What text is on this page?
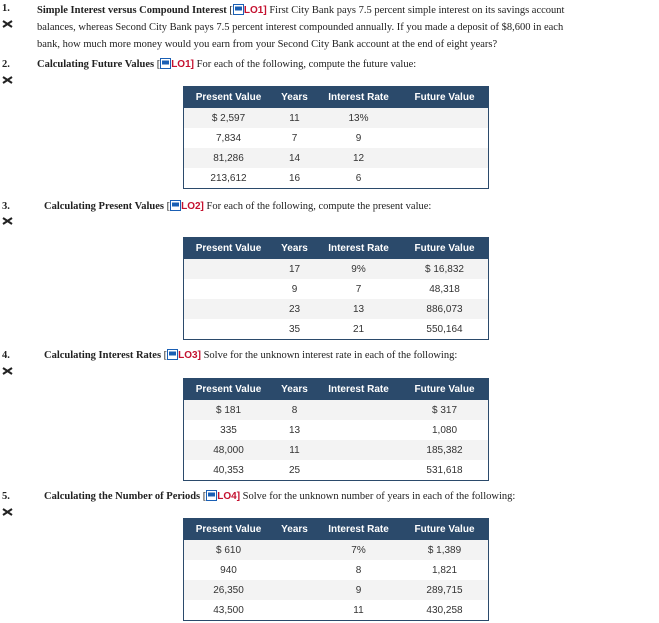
1.	Simple Interest versus Compound Interest [ LO1] First City Bank pays 7.5 percent simple interest on its savings account
balances, whereas Second City Bank pays 7.5 percent interest compounded annually. If you made a deposit of $8,600 in each
bank, how much more money would you earn from your Second City Bank account at the end of eight years?
2.	Calculating Future Values [ LO1] For each of the following, compute the future value:
Present Value	Years	Interest Rate	Future Value
$ 2,597	11	13%	
7,834	7	9	
81,286	14	12	
213,612	16	6	
3.	Calculating Present Values [ LO2] For each of the following, compute the present value:
Present Value	Years	Interest Rate	Future Value
	17	9%	$ 16,832
	9	7	48,318
	23	13	886,073
	35	21	550,164
4.	Calculating Interest Rates [ LO3] Solve for the unknown interest rate in each of the following:
Present Value	Years	Interest Rate	Future Value
$ 181	8		$ 317
335	13		1,080
48,000	11		185,382
40,353	25		531,618
5.	Calculating the Number of Periods [ LO4] Solve for the unknown number of years in each of the following:
Present Value	Years	Interest Rate	Future Value
$ 610		7%	$ 1,389
940		8	1,821
26,350		9	289,715
43,500		11	430,258
